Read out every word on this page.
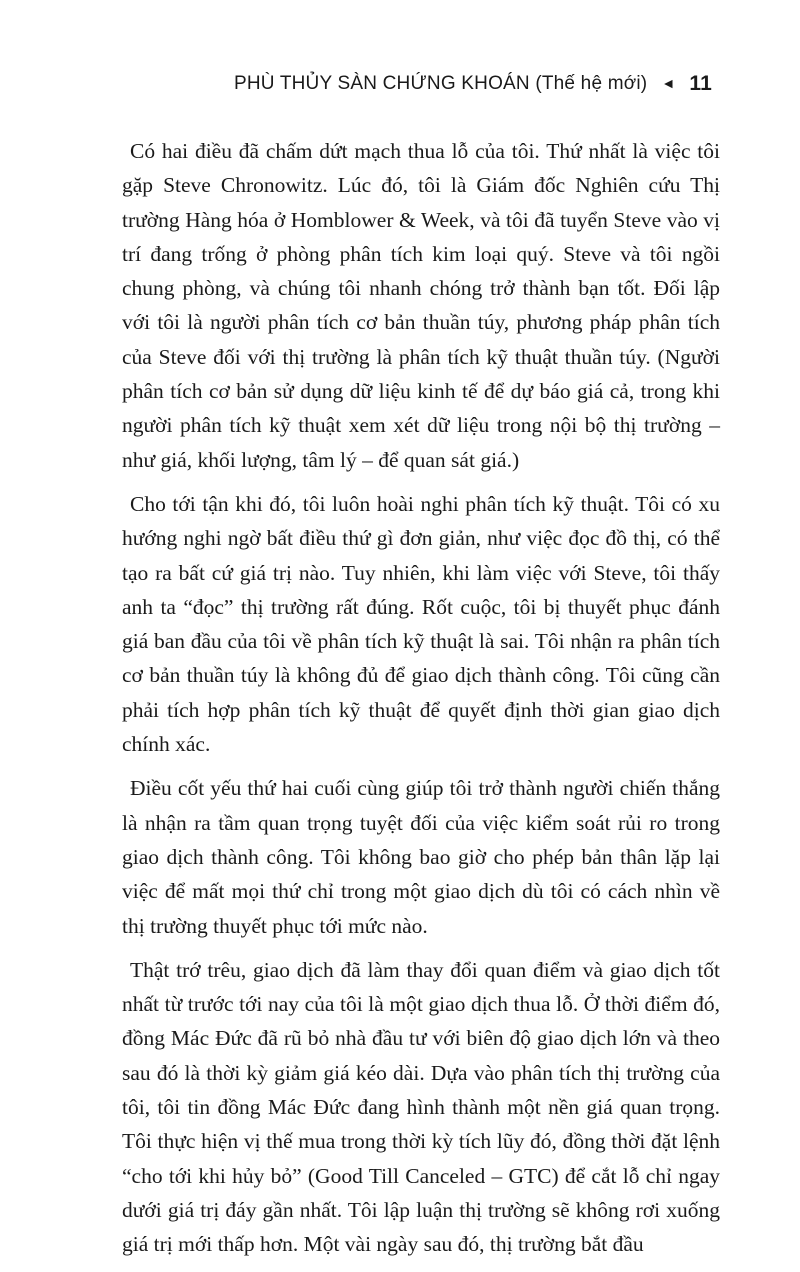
PHÙ THỦY SÀN CHỨNG KHOÁN (Thế hệ mới) ◄ 11

Có hai điều đã chấm dứt mạch thua lỗ của tôi. Thứ nhất là việc tôi gặp Steve Chronowitz. Lúc đó, tôi là Giám đốc Nghiên cứu Thị trường Hàng hóa ở Homblower & Week, và tôi đã tuyển Steve vào vị trí đang trống ở phòng phân tích kim loại quý. Steve và tôi ngồi chung phòng, và chúng tôi nhanh chóng trở thành bạn tốt. Đối lập với tôi là người phân tích cơ bản thuần túy, phương pháp phân tích của Steve đối với thị trường là phân tích kỹ thuật thuần túy. (Người phân tích cơ bản sử dụng dữ liệu kinh tế để dự báo giá cả, trong khi người phân tích kỹ thuật xem xét dữ liệu trong nội bộ thị trường – như giá, khối lượng, tâm lý – để quan sát giá.)

Cho tới tận khi đó, tôi luôn hoài nghi phân tích kỹ thuật. Tôi có xu hướng nghi ngờ bất điều thứ gì đơn giản, như việc đọc đồ thị, có thể tạo ra bất cứ giá trị nào. Tuy nhiên, khi làm việc với Steve, tôi thấy anh ta “đọc” thị trường rất đúng. Rốt cuộc, tôi bị thuyết phục đánh giá ban đầu của tôi về phân tích kỹ thuật là sai. Tôi nhận ra phân tích cơ bản thuần túy là không đủ để giao dịch thành công. Tôi cũng cần phải tích hợp phân tích kỹ thuật để quyết định thời gian giao dịch chính xác.

Điều cốt yếu thứ hai cuối cùng giúp tôi trở thành người chiến thắng là nhận ra tầm quan trọng tuyệt đối của việc kiểm soát rủi ro trong giao dịch thành công. Tôi không bao giờ cho phép bản thân lặp lại việc để mất mọi thứ chỉ trong một giao dịch dù tôi có cách nhìn về thị trường thuyết phục tới mức nào.

Thật trớ trêu, giao dịch đã làm thay đổi quan điểm và giao dịch tốt nhất từ trước tới nay của tôi là một giao dịch thua lỗ. Ở thời điểm đó, đồng Mác Đức đã rũ bỏ nhà đầu tư với biên độ giao dịch lớn và theo sau đó là thời kỳ giảm giá kéo dài. Dựa vào phân tích thị trường của tôi, tôi tin đồng Mác Đức đang hình thành một nền giá quan trọng. Tôi thực hiện vị thế mua trong thời kỳ tích lũy đó, đồng thời đặt lệnh “cho tới khi hủy bỏ” (Good Till Canceled – GTC) để cắt lỗ chỉ ngay dưới giá trị đáy gần nhất. Tôi lập luận thị trường sẽ không rơi xuống giá trị mới thấp hơn. Một vài ngày sau đó, thị trường bắt đầu
